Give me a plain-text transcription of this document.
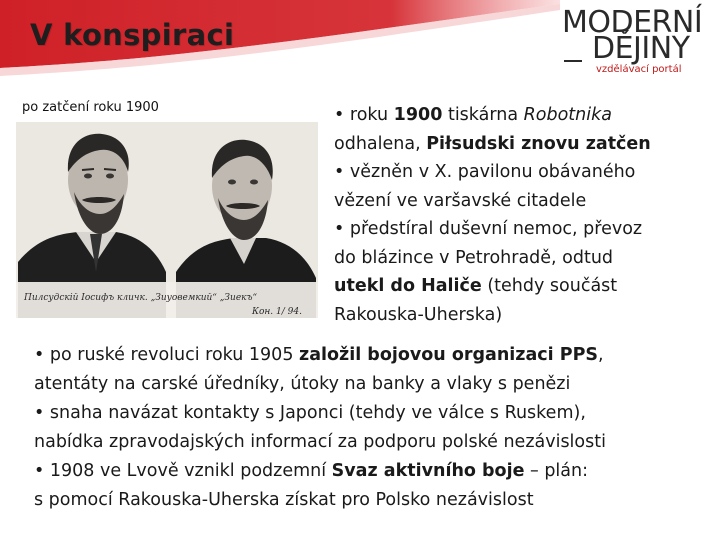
V konspiraci	MODERNÍ
DĚJINY
vzdělávací portál
po zatčení roku 1900
Пилсудскій Іосифъ кличк. „Зиуовемкий“ „Зиекъ“
Кон. 1/ 94.
• roku 1900 tiskárna Robotnika
odhalena, Piłsudski znovu zatčen
• vězněn v X. pavilonu obávaného
vězení ve varšavské citadele
• předstíral duševní nemoc, převoz
do blázince v Petrohradě, odtud
utekl do Haliče (tehdy součást
Rakouska-Uherska)
• po ruské revoluci roku 1905 založil bojovou organizaci PPS,
atentáty na carské úředníky, útoky na banky a vlaky s penězi
• snaha navázat kontakty s Japonci (tehdy ve válce s Ruskem),
nabídka zpravodajských informací za podporu polské nezávislosti
• 1908 ve Lvově vznikl podzemní Svaz aktivního boje – plán:
s pomocí Rakouska-Uherska získat pro Polsko nezávislost
